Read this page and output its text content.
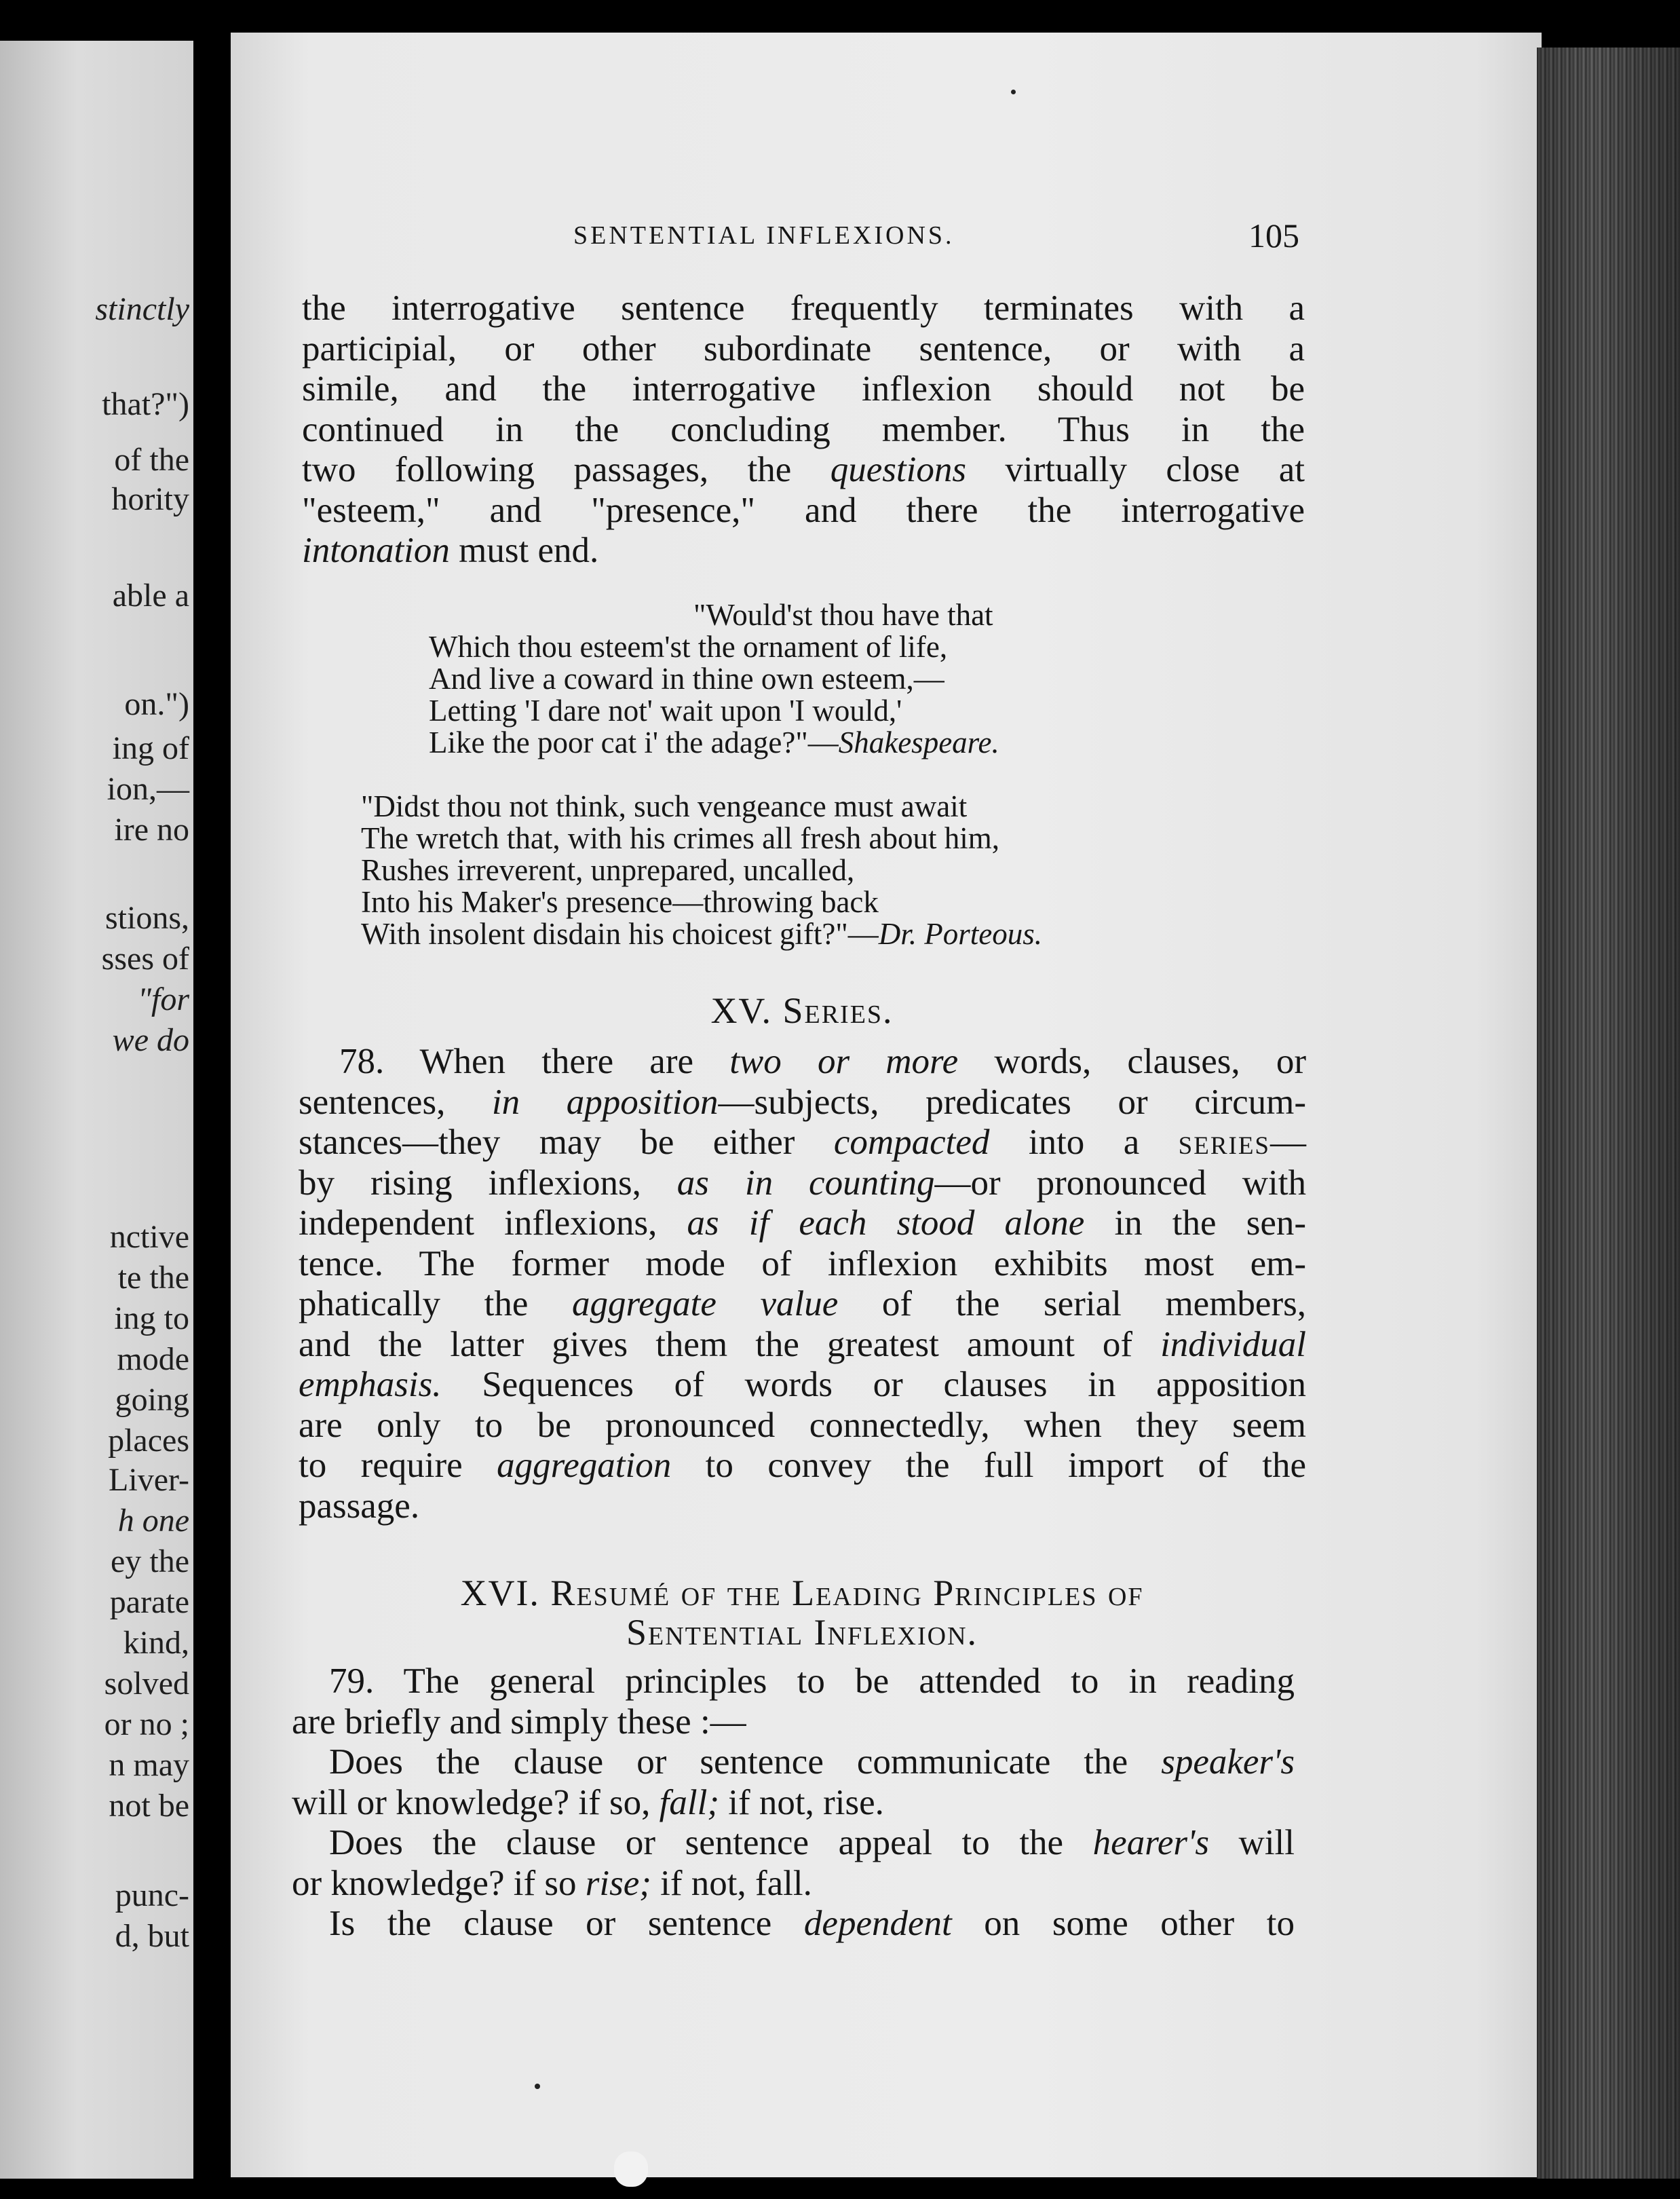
stinctly
that?")
of the
hority
able a
on.")
ing of
ion,—
ire no
stions,
sses of
"for
we do
nctive
te the
ing to
mode
going
places
Liver-
h one
ey the
parate
kind,
solved
or no ;
n may
not be
punc-
d, but
SENTENTIAL INFLEXIONS.	105

the interrogative sentence frequently terminates with a

participial, or other subordinate sentence, or with a

simile, and the interrogative inflexion should not be

continued in the concluding member. Thus in the

two following passages, the questions virtually close at

"esteem," and "presence," and there the interrogative

intonation must end.

"Would'st thou have that
Which thou esteem'st the ornament of life,
And live a coward in thine own esteem,—
Letting 'I dare not' wait upon 'I would,'
Like the poor cat i' the adage?"—Shakespeare.
"Didst thou not think, such vengeance must await
The wretch that, with his crimes all fresh about him,
Rushes irreverent, unprepared, uncalled,
Into his Maker's presence—throwing back
With insolent disdain his choicest gift?"—Dr. Porteous.
XV. Series.

78. When there are two or more words, clauses, or

sentences, in apposition—subjects, predicates or circum-

stances—they may be either compacted into a series—

by rising inflexions, as in counting—or pronounced with

independent inflexions, as if each stood alone in the sen-

tence. The former mode of inflexion exhibits most em-

phatically the aggregate value of the serial members,

and the latter gives them the greatest amount of individual

emphasis. Sequences of words or clauses in apposition

are only to be pronounced connectedly, when they seem

to require aggregation to convey the full import of the

passage.

XVI. Resumé of the Leading Principles of
Sentential Inflexion.

79. The general principles to be attended to in reading

are briefly and simply these :—

Does the clause or sentence communicate the speaker's

will or knowledge? if so, fall; if not, rise.

Does the clause or sentence appeal to the hearer's will

or knowledge? if so rise; if not, fall.

Is the clause or sentence dependent on some other to
